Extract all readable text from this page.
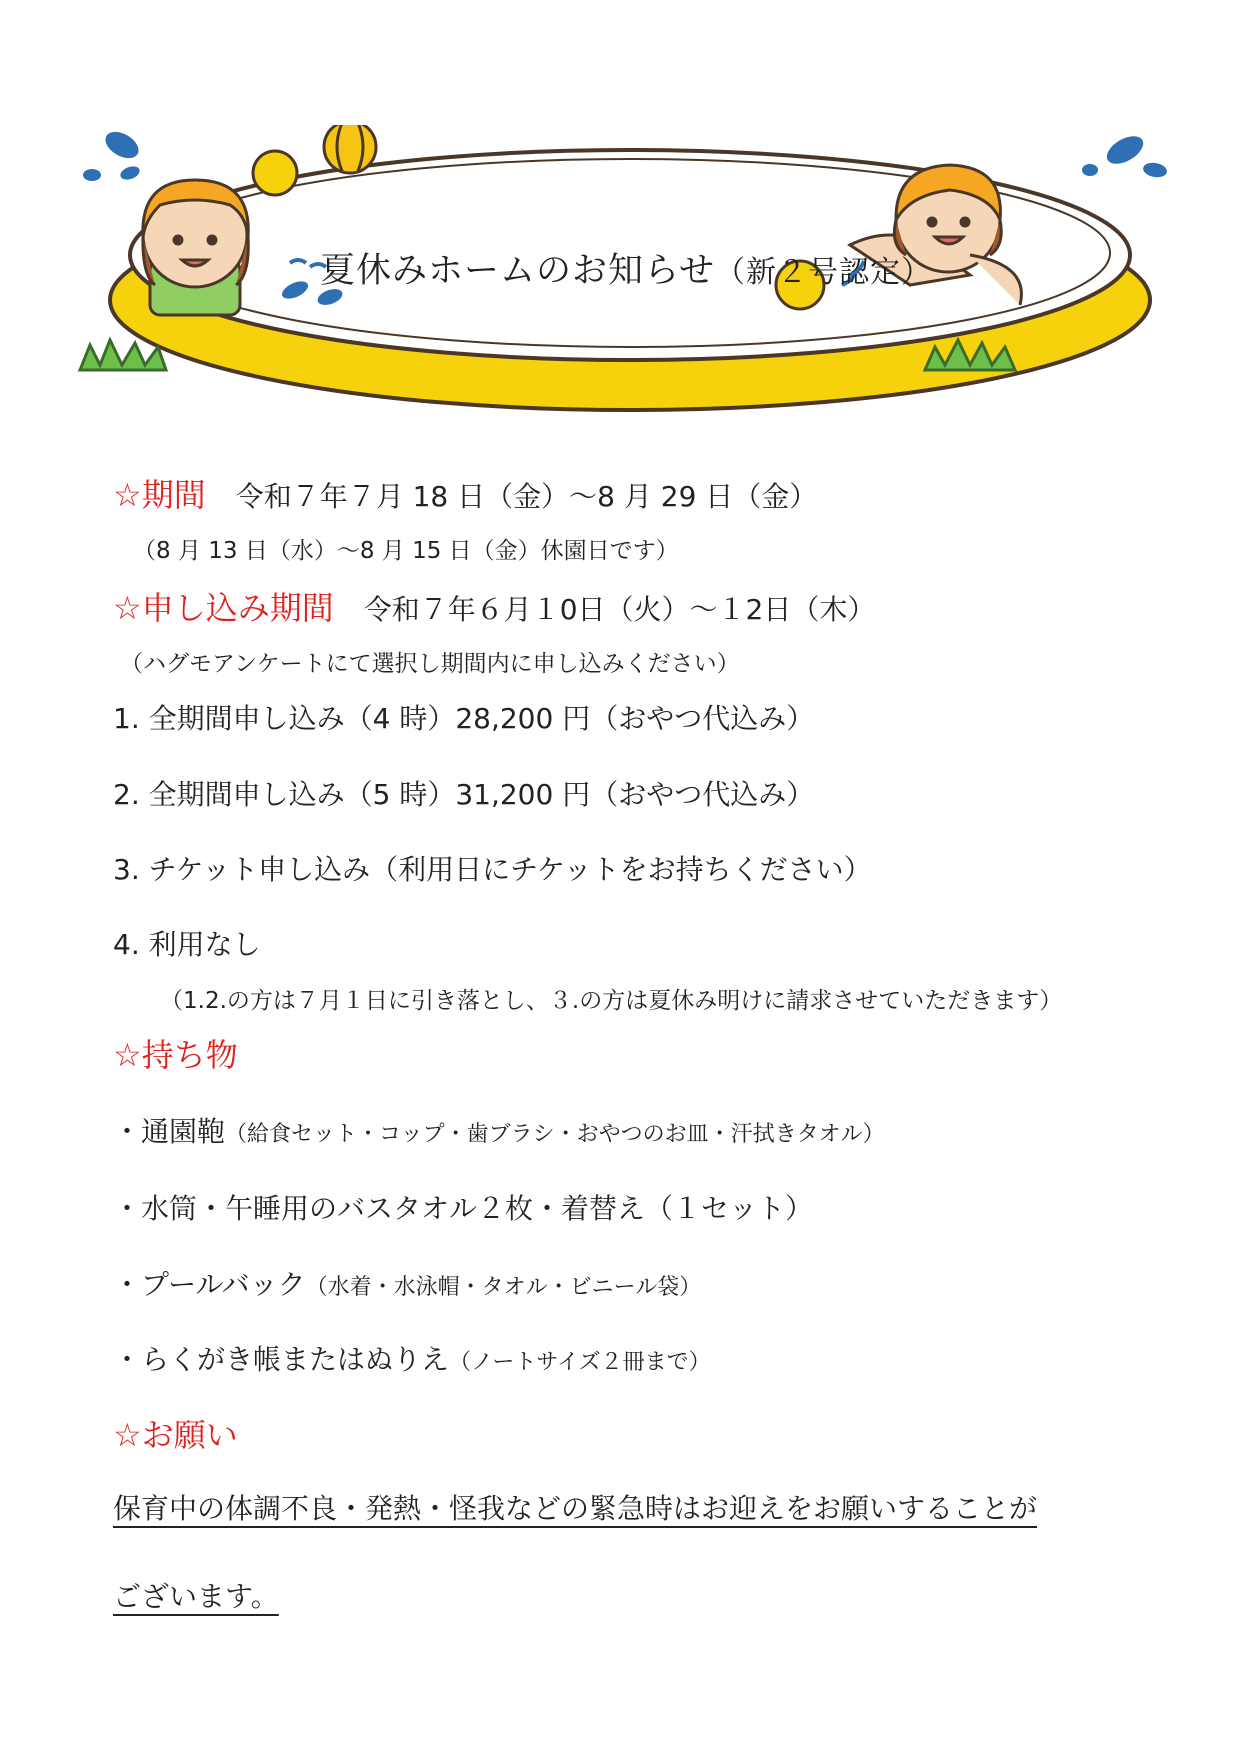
夏休みホームのお知らせ（新２号認定）
☆期間 令和７年７月 18 日（金）〜8 月 29 日（金）
（8 月 13 日（水）〜8 月 15 日（金）休園日です）
☆申し込み期間 令和７年６月１0日（火）〜１2日（木）
（ハグモアンケートにて選択し期間内に申し込みください）
1. 全期間申し込み（4 時）28,200 円（おやつ代込み）
2. 全期間申し込み（5 時）31,200 円（おやつ代込み）
3. チケット申し込み（利用日にチケットをお持ちください）
4. 利用なし
（1.2.の方は７月１日に引き落とし、３.の方は夏休み明けに請求させていただきます）
☆持ち物
・通園鞄（給食セット・コップ・歯ブラシ・おやつのお皿・汗拭きタオル）
・水筒・午睡用のバスタオル２枚・着替え（１セット）
・プールバック（水着・水泳帽・タオル・ビニール袋）
・らくがき帳またはぬりえ（ノートサイズ２冊まで）
☆お願い
保育中の体調不良・発熱・怪我などの緊急時はお迎えをお願いすることが
ございます。
